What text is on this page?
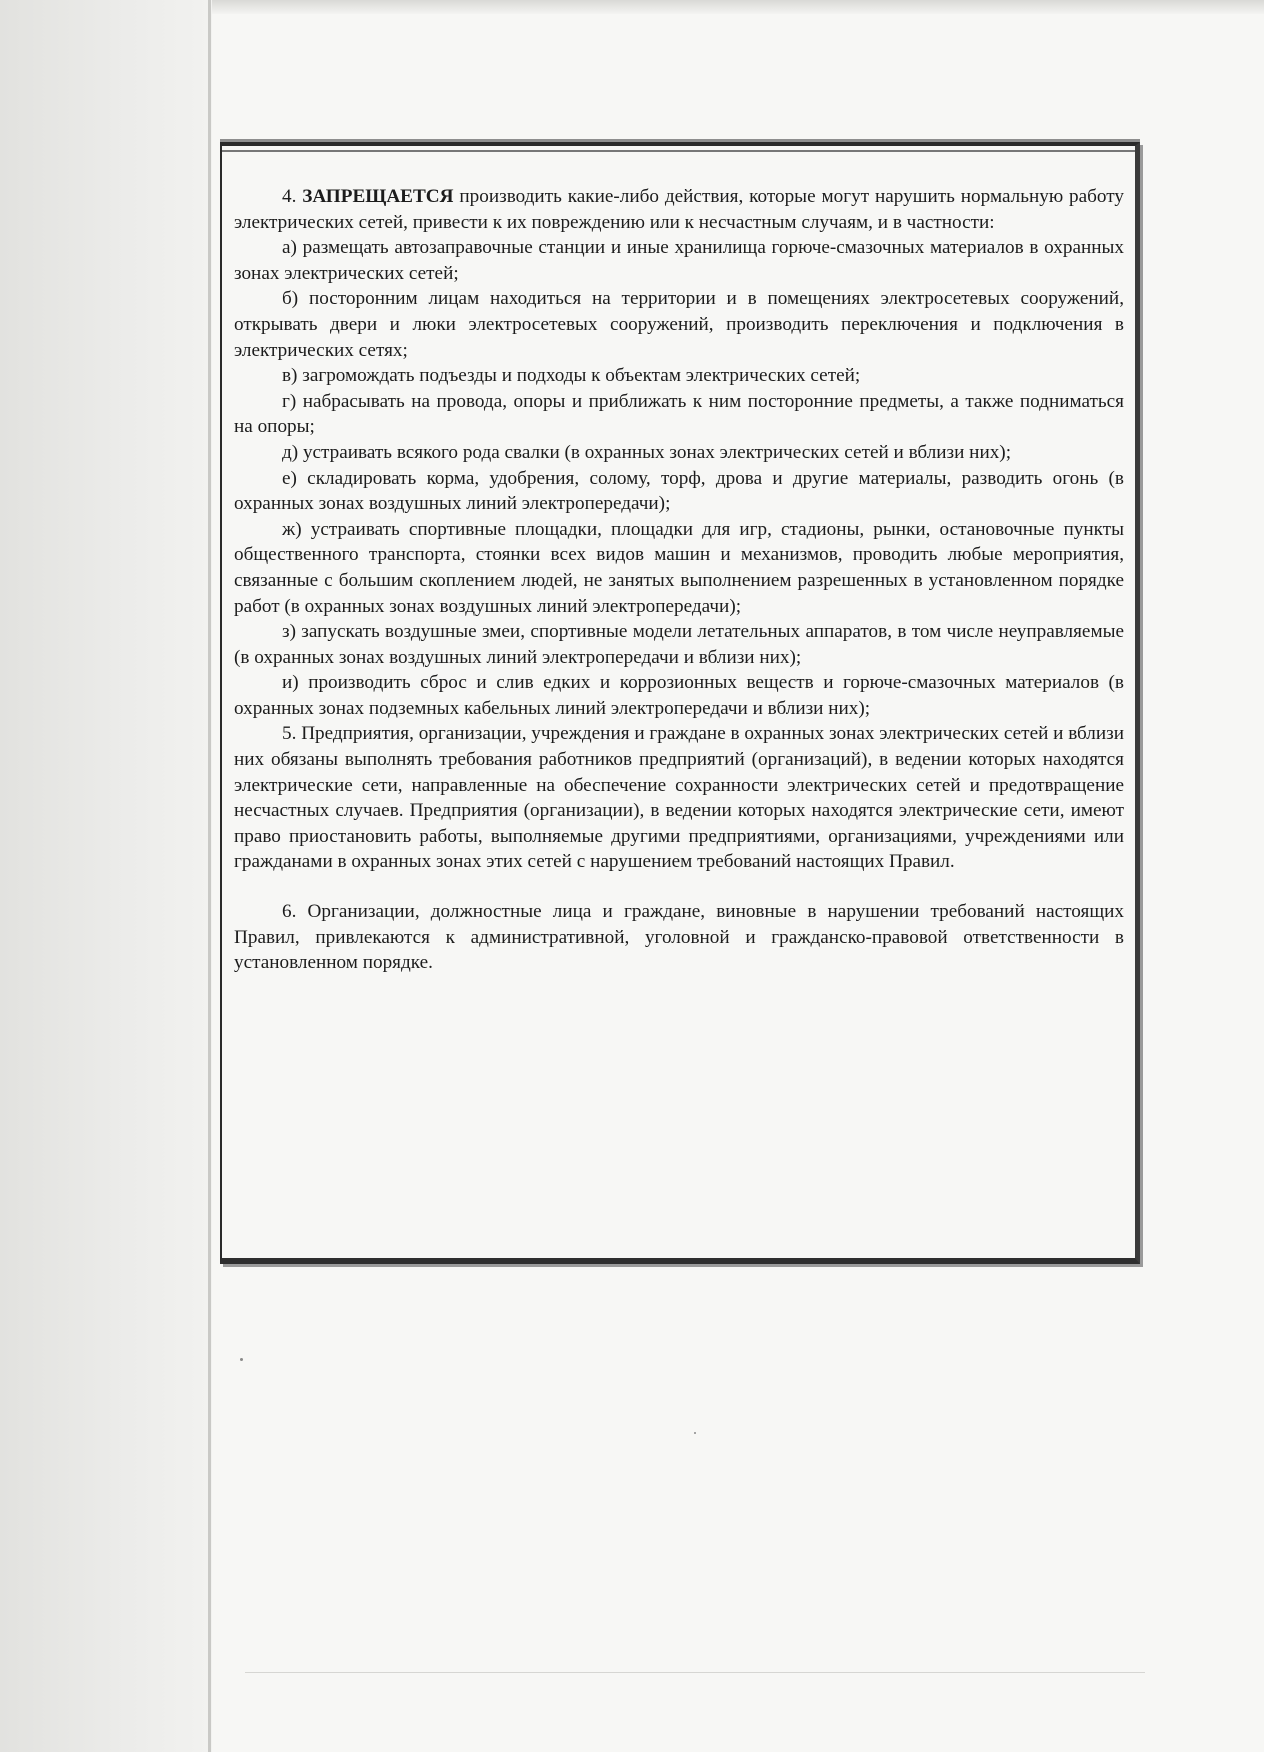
4. ЗАПРЕЩАЕТСЯ производить какие-либо действия, которые могут нарушить нормальную работу электрических сетей, привести к их повреждению или к несчастным случаям, и в частности:

а) размещать автозаправочные станции и иные хранилища горюче-смазочных материалов в охранных зонах электрических сетей;

б) посторонним лицам находиться на территории и в помещениях электросетевых сооружений, открывать двери и люки электросетевых сооружений, производить переключения и подключения в электрических сетях;

в) загромождать подъезды и подходы к объектам электрических сетей;

г) набрасывать на провода, опоры и приближать к ним посторонние предметы, а также подниматься на опоры;

д) устраивать всякого рода свалки (в охранных зонах электрических сетей и вблизи них);

е) складировать корма, удобрения, солому, торф, дрова и другие материалы, разводить огонь (в охранных зонах воздушных линий электропередачи);

ж) устраивать спортивные площадки, площадки для игр, стадионы, рынки, остановочные пункты общественного транспорта, стоянки всех видов машин и механизмов, проводить любые мероприятия, связанные с большим скоплением людей, не занятых выполнением разрешенных в установленном порядке работ (в охранных зонах воздушных линий электропередачи);

з) запускать воздушные змеи, спортивные модели летательных аппаратов, в том числе неуправляемые (в охранных зонах воздушных линий электропередачи и вблизи них);

и) производить сброс и слив едких и коррозионных веществ и горюче-смазочных материалов (в охранных зонах подземных кабельных линий электропередачи и вблизи них);

5. Предприятия, организации, учреждения и граждане в охранных зонах электрических сетей и вблизи них обязаны выполнять требования работников предприятий (организаций), в ведении которых находятся электрические сети, направленные на обеспечение сохранности электрических сетей и предотвращение несчастных случаев. Предприятия (организации), в ведении которых находятся электрические сети, имеют право приостановить работы, выполняемые другими предприятиями, организациями, учреждениями или гражданами в охранных зонах этих сетей с нарушением требований настоящих Правил.

6. Организации, должностные лица и граждане, виновные в нарушении требований настоящих Правил, привлекаются к административной, уголовной и гражданско-правовой ответственности в установленном порядке.
